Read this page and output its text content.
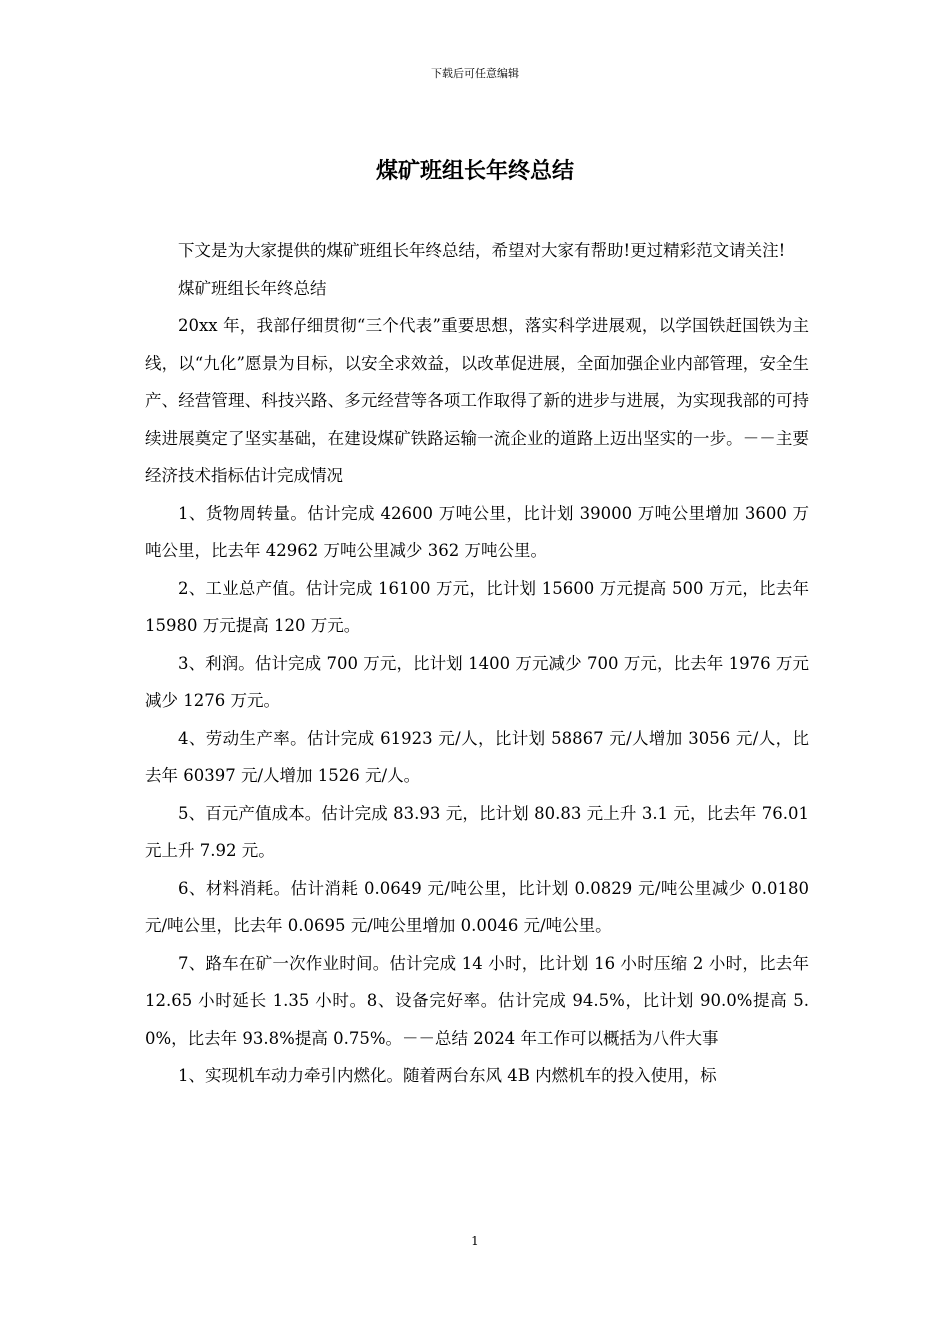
下载后可任意编辑
煤矿班组长年终总结

下文是为大家提供的煤矿班组长年终总结，希望对大家有帮助!更过精彩范文请关注!

煤矿班组长年终总结

20xx 年，我部仔细贯彻“三个代表”重要思想，落实科学进展观，以学国铁赶国铁为主线，以“九化”愿景为目标，以安全求效益，以改革促进展，全面加强企业内部管理，安全生产、经营管理、科技兴路、多元经营等各项工作取得了新的进步与进展，为实现我部的可持续进展奠定了坚实基础，在建设煤矿铁路运输一流企业的道路上迈出坚实的一步。－－主要经济技术指标估计完成情况

1、货物周转量。估计完成 42600 万吨公里，比计划 39000 万吨公里增加 3600 万吨公里，比去年 42962 万吨公里减少 362 万吨公里。

2、工业总产值。估计完成 16100 万元，比计划 15600 万元提高 500 万元，比去年 15980 万元提高 120 万元。

3、利润。估计完成 700 万元，比计划 1400 万元减少 700 万元，比去年 1976 万元减少 1276 万元。

4、劳动生产率。估计完成 61923 元/人，比计划 58867 元/人增加 3056 元/人，比去年 60397 元/人增加 1526 元/人。

5、百元产值成本。估计完成 83.93 元，比计划 80.83 元上升 3.1 元，比去年 76.01 元上升 7.92 元。

6、材料消耗。估计消耗 0.0649 元/吨公里，比计划 0.0829 元/吨公里减少 0.0180 元/吨公里，比去年 0.0695 元/吨公里增加 0.0046 元/吨公里。

7、路车在矿一次作业时间。估计完成 14 小时，比计划 16 小时压缩 2 小时，比去年 12.65 小时延长 1.35 小时。8、设备完好率。估计完成 94.5%，比计划 90.0%提高 5.0%，比去年 93.8%提高 0.75%。－－总结 2024 年工作可以概括为八件大事

1、实现机车动力牵引内燃化。随着两台东风 4B 内燃机车的投入使用，标

1
